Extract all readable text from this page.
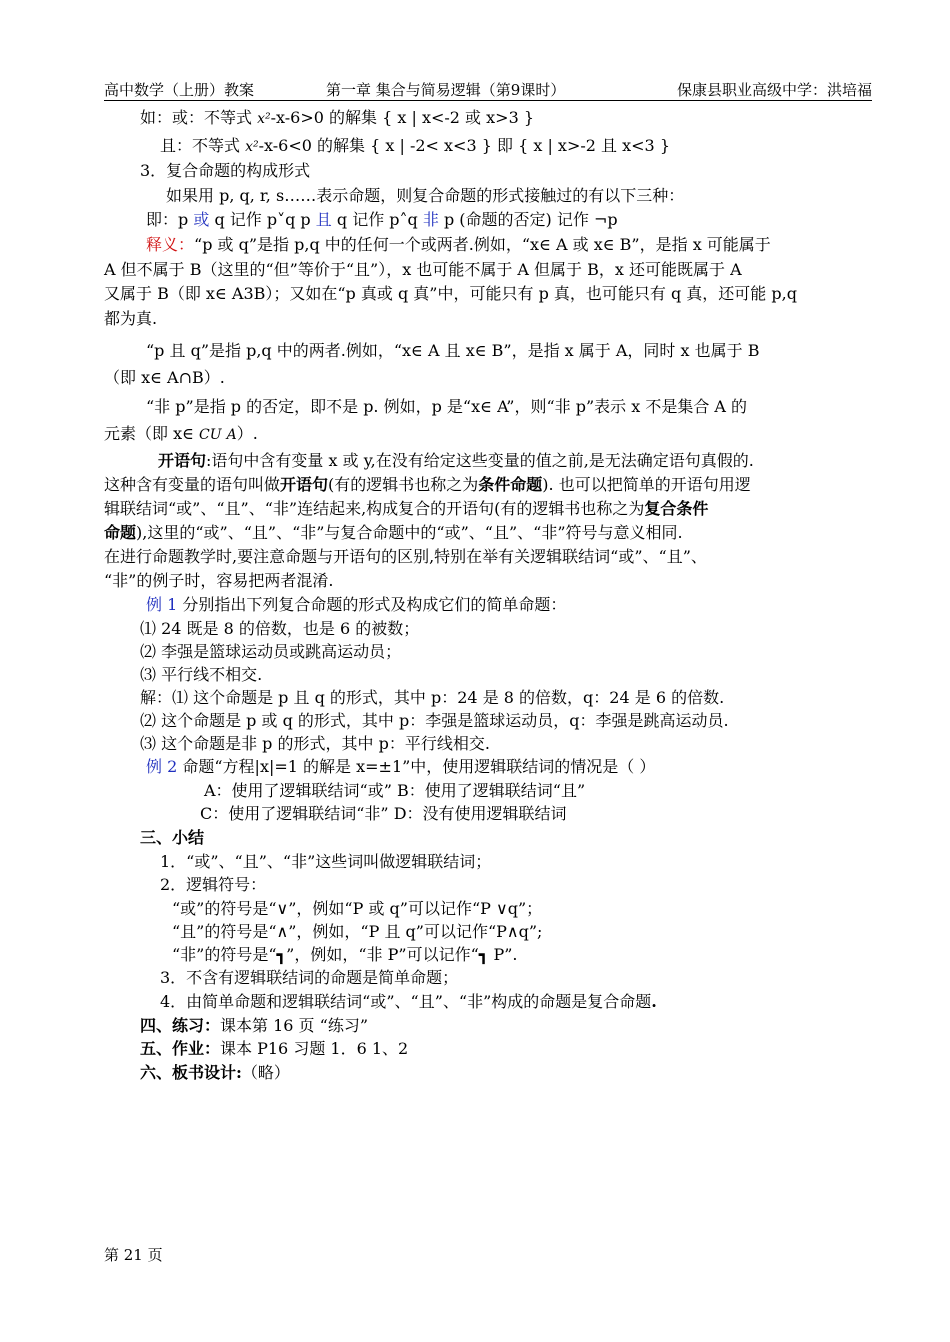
高中数学（上册）教案	第一章 集合与简易逻辑（第9课时）	保康县职业高级中学：洪培福
如：或：不等式 x²-x-6>0 的解集 { x | x<-2 或 x>3 }
且：不等式 x²-x-6<0 的解集 { x | -2< x<3 } 即 { x | x>-2 且 x<3 }
3．复合命题的构成形式
如果用 p, q, r, s……表示命题，则复合命题的形式接触过的有以下三种：
即：p 或 q 记作 p˅q p 且 q 记作 p˄q 非 p (命题的否定) 记作 ¬p
释义：“p 或 q”是指 p,q 中的任何一个或两者.例如，“x∈ A 或 x∈ B”，是指 x 可能属于
A 但不属于 B（这里的“但”等价于“且”），x 也可能不属于 A 但属于 B，x 还可能既属于 A
又属于 B（即 x∈ A3B）；又如在“p 真或 q 真”中，可能只有 p 真，也可能只有 q 真，还可能 p,q
都为真.
“p 且 q”是指 p,q 中的两者.例如，“x∈ A 且 x∈ B”，是指 x 属于 A，同时 x 也属于 B
（即 x∈ A∩B）.
“非 p”是指 p 的否定，即不是 p. 例如，p 是“x∈ A”，则“非 p”表示 x 不是集合 A 的
元素（即 x∈ CU A）.
开语句:语句中含有变量 x 或 y,在没有给定这些变量的值之前,是无法确定语句真假的.
这种含有变量的语句叫做开语句(有的逻辑书也称之为条件命题). 也可以把简单的开语句用逻
辑联结词“或”、“且”、“非”连结起来,构成复合的开语句(有的逻辑书也称之为复合条件
命题),这里的“或”、“且”、“非”与复合命题中的“或”、“且”、“非”符号与意义相同.
在进行命题教学时,要注意命题与开语句的区别,特别在举有关逻辑联结词“或”、“且”、
“非”的例子时，容易把两者混淆.
例 1 分别指出下列复合命题的形式及构成它们的简单命题：
⑴ 24 既是 8 的倍数，也是 6 的被数；
⑵ 李强是篮球运动员或跳高运动员；
⑶ 平行线不相交.
解：⑴ 这个命题是 p 且 q 的形式，其中 p：24 是 8 的倍数，q：24 是 6 的倍数.
⑵ 这个命题是 p 或 q 的形式，其中 p：李强是篮球运动员，q：李强是跳高运动员.
⑶ 这个命题是非 p 的形式，其中 p：平行线相交.
例 2 命题“方程|x|=1 的解是 x=±1”中，使用逻辑联结词的情况是（ ）
A：使用了逻辑联结词“或” B：使用了逻辑联结词“且”
C：使用了逻辑联结词“非” D：没有使用逻辑联结词
三、小结
1．“或”、“且”、“非”这些词叫做逻辑联结词；
2．逻辑符号：
“或”的符号是“∨”，例如“P 或 q”可以记作“P ∨q”；
“且”的符号是“∧”，例如，“P 且 q”可以记作“P∧q”;
“非”的符号是“┓”，例如，“非 P”可以记作“┓ P”.
3．不含有逻辑联结词的命题是简单命题；
4．由简单命题和逻辑联结词“或”、“且”、“非”构成的命题是复合命题.
四、练习：课本第 16 页 “练习”
五、作业：课本 P16 习题 1．6 1、2
六、板书设计:（略）
第 21 页
